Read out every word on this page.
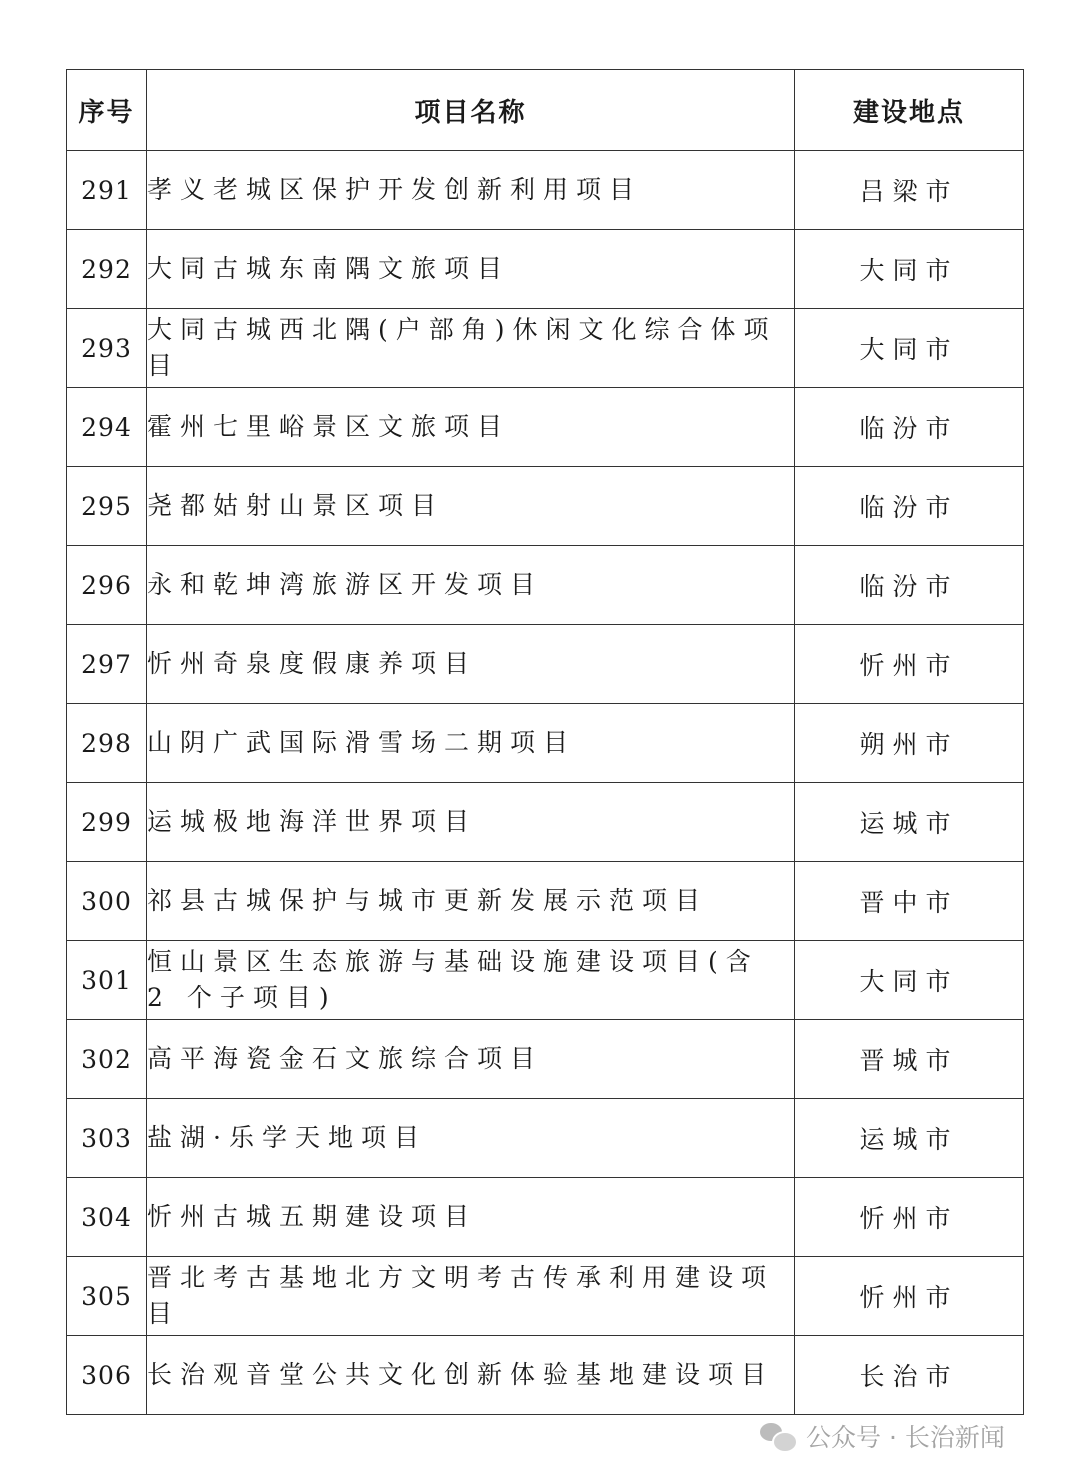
序号	项目名称	建设地点
291	孝义老城区保护开发创新利用项目	吕梁市
292	大同古城东南隅文旅项目	大同市
293	大同古城西北隅(户部角)休闲文化综合体项目	大同市
294	霍州七里峪景区文旅项目	临汾市
295	尧都姑射山景区项目	临汾市
296	永和乾坤湾旅游区开发项目	临汾市
297	忻州奇泉度假康养项目	忻州市
298	山阴广武国际滑雪场二期项目	朔州市
299	运城极地海洋世界项目	运城市
300	祁县古城保护与城市更新发展示范项目	晋中市
301	恒山景区生态旅游与基础设施建设项目(含 2 个子项目)	大同市
302	高平海瓷金石文旅综合项目	晋城市
303	盐湖·乐学天地项目	运城市
304	忻州古城五期建设项目	忻州市
305	晋北考古基地北方文明考古传承利用建设项目	忻州市
306	长治观音堂公共文化创新体验基地建设项目	长治市
公众号 · 长治新闻
